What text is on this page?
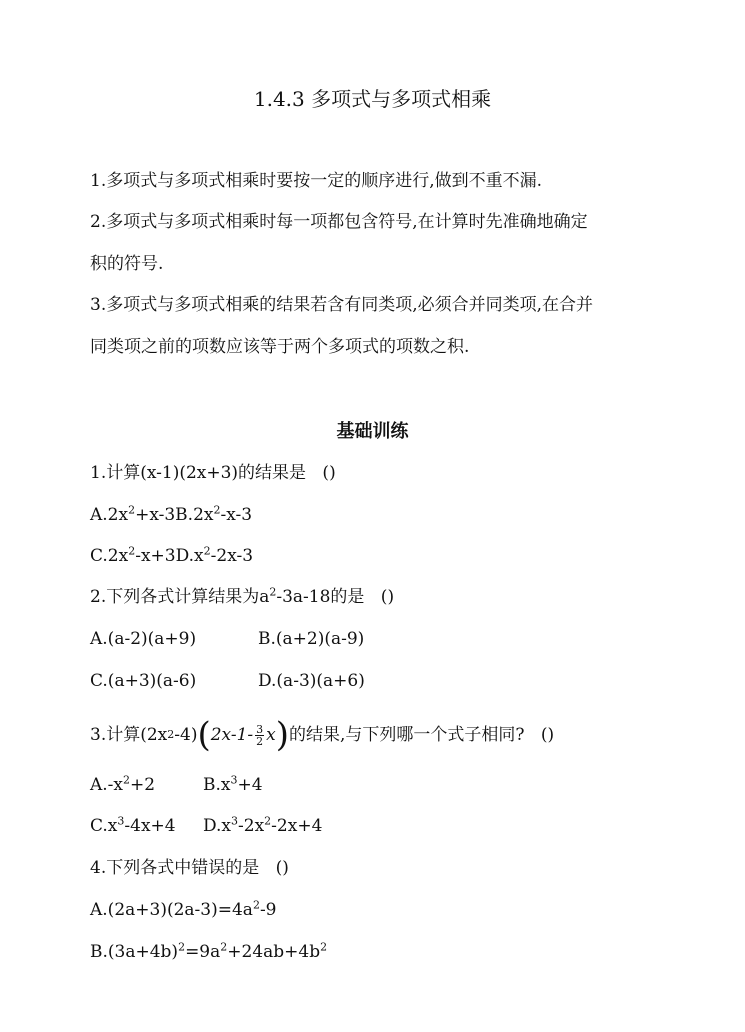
1.4.3 多项式与多项式相乘
1.多项式与多项式相乘时要按一定的顺序进行,做到不重不漏.
2.多项式与多项式相乘时每一项都包含符号,在计算时先准确地确定
积的符号.
3.多项式与多项式相乘的结果若含有同类项,必须合并同类项,在合并
同类项之前的项数应该等于两个多项式的项数之积.
基础训练
1.计算(x-1)(2x+3)的结果是( )
$A.2x^2+x-3B.2x^2-x-3$
$C.2x^2-x+3D.x^2-2x-3$
2.下列各式计算结果为$a^2-3a-18$的是( )
A.(a-2)(a+9)	B.(a+2)(a-9)
C.(a+3)(a-6)	D.(a-3)(a+6)
3.计算(2x 2 -4) ( $2x-1- \frac{3}{2}$ x ) 的结果,与下列哪一个式子相同?
( )
$A.-x^2+2$	$B.x^3+4$
$C.x^3-4x+4$ $D.x^3-2x^2-2x+4$
4.下列各式中错误的是( )
$A.(2a+3)(2a-3)=4a^2-9$
$B.(3a+4b)^2=9a^2+24ab+4b^2$
